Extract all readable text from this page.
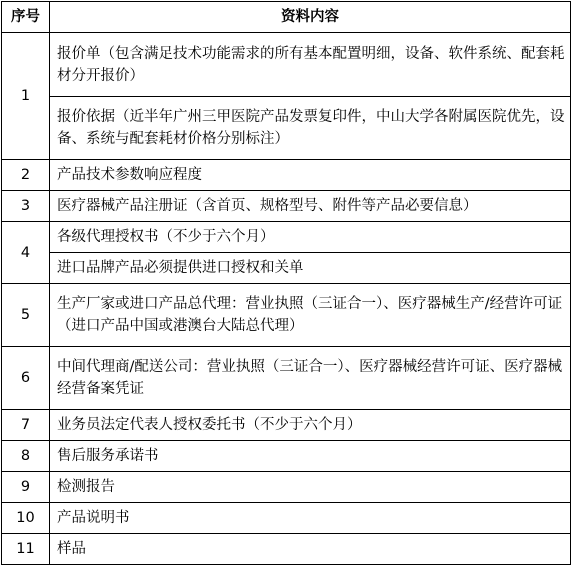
序号	资料内容
1	报价单（包含满足技术功能需求的所有基本配置明细，设备、软件系统、配套耗材分开报价）
	报价依据（近半年广州三甲医院产品发票复印件，中山大学各附属医院优先，设备、系统与配套耗材价格分别标注）
2	产品技术参数响应程度
3	医疗器械产品注册证（含首页、规格型号、附件等产品必要信息）
4	各级代理授权书（不少于六个月）
	进口品牌产品必须提供进口授权和关单
5	生产厂家或进口产品总代理：营业执照（三证合一）、医疗器械生产/经营许可证（进口产品中国或港澳台大陆总代理）
6	中间代理商/配送公司：营业执照（三证合一）、医疗器械经营许可证、医疗器械经营备案凭证
7	业务员法定代表人授权委托书（不少于六个月）
8	售后服务承诺书
9	检测报告
10	产品说明书
11	样品
